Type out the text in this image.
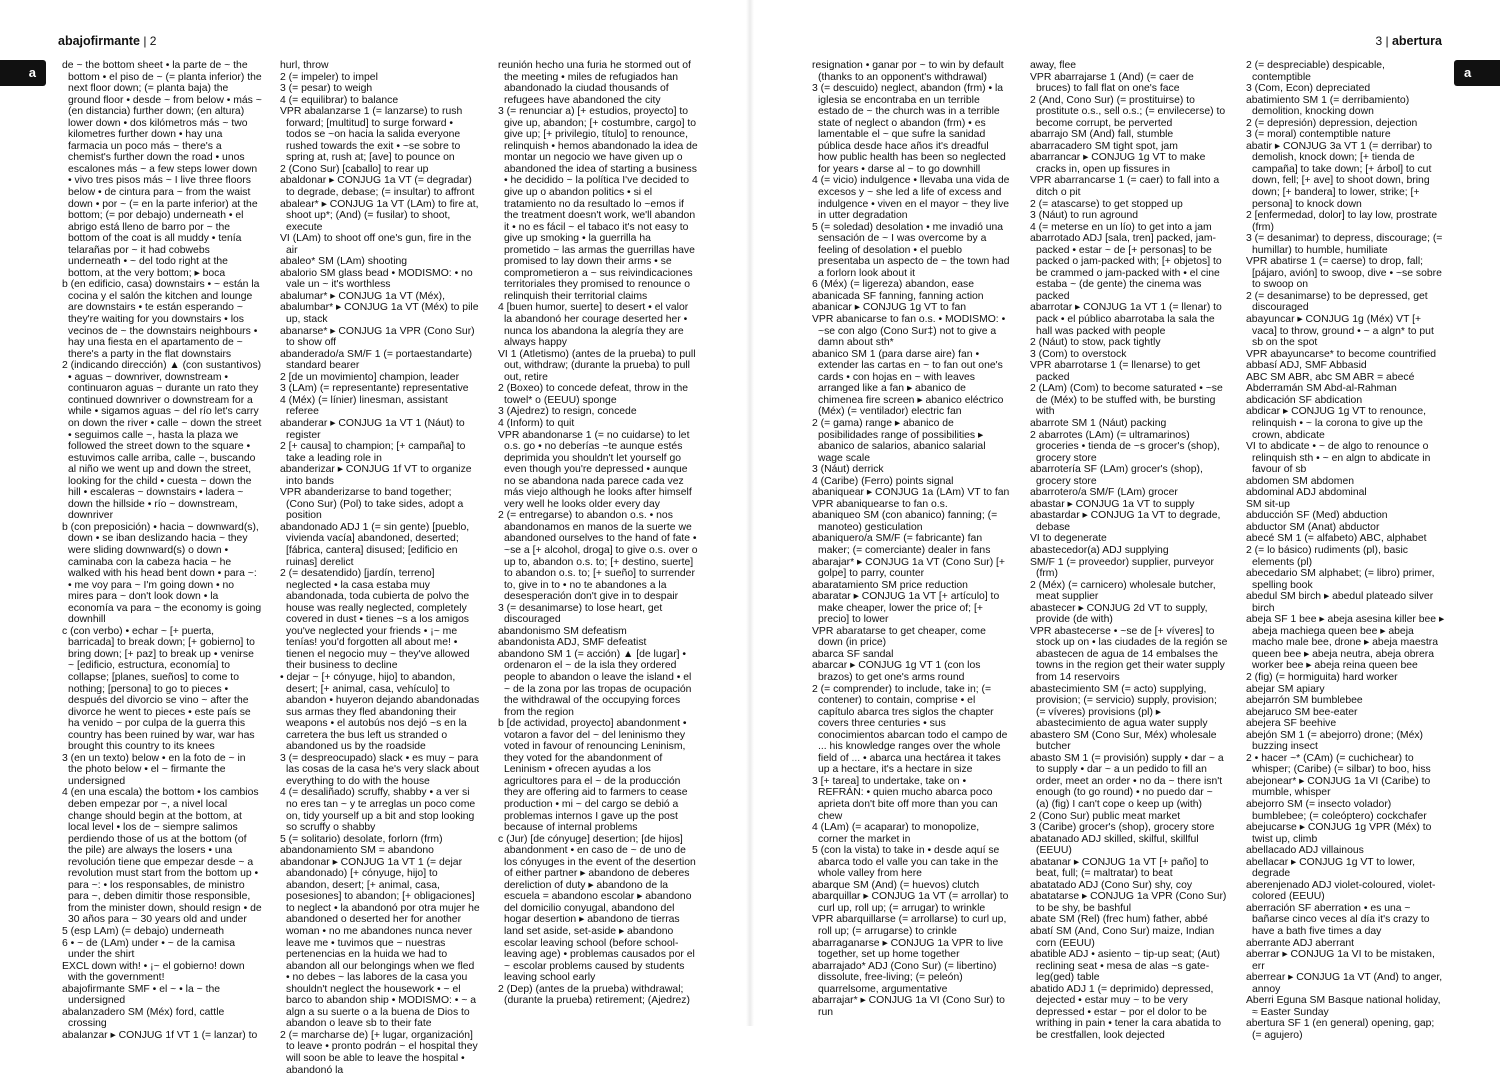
abajofirmante | 2
a	de ~ the bottom sheet • la parte de ~ the bottom • el piso de ~ (= planta inferior) the next floor down; (= planta baja) the ground floor • desde ~ from below • más ~ (en distancia) further down; (en altura) lower down • dos kilómetros más ~ two kilometres further down • hay una farmacia un poco más ~ there's a chemist's further down the road • unos escalones más ~ a few steps lower down • vivo tres pisos más ~ I live three floors below • de cintura para ~ from the waist down • por ~ (= en la parte inferior) at the bottom; (= por debajo) underneath • el abrigo está lleno de barro por ~ the bottom of the coat is all muddy • tenía telarañas por ~ it had cobwebs underneath • ~ del todo right at the bottom, at the very bottom; ▸ boca

b (en edificio, casa) downstairs • ~ están la cocina y el salón the kitchen and lounge are downstairs • te están esperando ~ they're waiting for you downstairs • los vecinos de ~ the downstairs neighbours • hay una fiesta en el apartamento de ~ there's a party in the flat downstairs

2 (indicando dirección) ▲ (con sustantivos) • aguas ~ downriver, downstream • continuaron aguas ~ durante un rato they continued downriver o downstream for a while • sigamos aguas ~ del río let's carry on down the river • calle ~ down the street • seguimos calle ~, hasta la plaza we followed the street down to the square • estuvimos calle arriba, calle ~, buscando al niño we went up and down the street, looking for the child • cuesta ~ down the hill • escaleras ~ downstairs • ladera ~ down the hillside • río ~ downstream, downriver

b (con preposición) • hacia ~ downward(s), down • se iban deslizando hacia ~ they were sliding downward(s) o down • caminaba con la cabeza hacia ~ he walked with his head bent down • para ~: • me voy para ~ I'm going down • no mires para ~ don't look down • la economía va para ~ the economy is going downhill

c (con verbo) • echar ~ [+ puerta, barricada] to break down; [+ gobierno] to bring down; [+ paz] to break up • venirse ~ [edificio, estructura, economía] to collapse; [planes, sueños] to come to nothing; [persona] to go to pieces • después del divorcio se vino ~ after the divorce he went to pieces • este país se ha venido ~ por culpa de la guerra this country has been ruined by war, war has brought this country to its knees

3 (en un texto) below • en la foto de ~ in the photo below • el ~ firmante the undersigned

4 (en una escala) the bottom • los cambios deben empezar por ~, a nivel local change should begin at the bottom, at local level • los de ~ siempre salimos perdiendo those of us at the bottom (of the pile) are always the losers • una revolución tiene que empezar desde ~ a revolution must start from the bottom up • para ~: • los responsables, de ministro para ~, deben dimitir those responsible, from the minister down, should resign • de 30 años para ~ 30 years old and under

5 (esp LAm) (= debajo) underneath

6 • ~ de (LAm) under • ~ de la camisa under the shirt

EXCL down with! • ¡~ el gobierno! down with the government!

abajofirmante SMF • el ~ • la ~ the undersigned

abalanzadero SM (Méx) ford, cattle crossing

abalanzar ▸ CONJUG 1f VT 1 (= lanzar) to

hurl, throw

2 (= impeler) to impel

3 (= pesar) to weigh

4 (= equilibrar) to balance

VPR abalanzarse 1 (= lanzarse) to rush forward; [multitud] to surge forward • todos se ~on hacia la salida everyone rushed towards the exit • ~se sobre to spring at, rush at; [ave] to pounce on

2 (Cono Sur) [caballo] to rear up

abaldonar ▸ CONJUG 1a VT (= degradar) to degrade, debase; (= insultar) to affront

abalear* ▸ CONJUG 1a VT (LAm) to fire at, shoot up*; (And) (= fusilar) to shoot, execute

VI (LAm) to shoot off one's gun, fire in the air

abaleo* SM (LAm) shooting

abalorio SM glass bead • MODISMO: • no vale un ~ it's worthless

abalumar* ▸ CONJUG 1a VT (Méx),

abalumbar* ▸ CONJUG 1a VT (Méx) to pile up, stack

abanarse* ▸ CONJUG 1a VPR (Cono Sur) to show off

abanderado/a SM/F 1 (= portaestandarte) standard bearer

2 [de un movimiento] champion, leader

3 (LAm) (= representante) representative

4 (Méx) (= línier) linesman, assistant referee

abanderar ▸ CONJUG 1a VT 1 (Náut) to register

2 [+ causa] to champion; [+ campaña] to take a leading role in

abanderizar ▸ CONJUG 1f VT to organize into bands

VPR abanderizarse to band together; (Cono Sur) (Pol) to take sides, adopt a position

abandonado ADJ 1 (= sin gente) [pueblo, vivienda vacía] abandoned, deserted; [fábrica, cantera] disused; [edificio en ruinas] derelict

2 (= desatendido) [jardín, terreno] neglected • la casa estaba muy abandonada, toda cubierta de polvo the house was really neglected, completely covered in dust • tienes ~s a los amigos you've neglected your friends • ¡~ me tenías! you'd forgotten all about me! • tienen el negocio muy ~ they've allowed their business to decline

• dejar ~ [+ cónyuge, hijo] to abandon, desert; [+ animal, casa, vehículo] to abandon • huyeron dejando abandonadas sus armas they fled abandoning their weapons • el autobús nos dejó ~s en la carretera the bus left us stranded o abandoned us by the roadside

3 (= despreocupado) slack • es muy ~ para las cosas de la casa he's very slack about everything to do with the house

4 (= desaliñado) scruffy, shabby • a ver si no eres tan ~ y te arreglas un poco come on, tidy yourself up a bit and stop looking so scruffy o shabby

5 (= solitario) desolate, forlorn (frm)

abandonamiento SM = abandono

abandonar ▸ CONJUG 1a VT 1 (= dejar abandonado) [+ cónyuge, hijo] to abandon, desert; [+ animal, casa, posesiones] to abandon; [+ obligaciones] to neglect • la abandonó por otra mujer he abandoned o deserted her for another woman • no me abandones nunca never leave me • tuvimos que ~ nuestras pertenencias en la huida we had to abandon all our belongings when we fled • no debes ~ las labores de la casa you shouldn't neglect the housework • ~ el barco to abandon ship • MODISMO: • ~ a algn a su suerte o a la buena de Dios to abandon o leave sb to their fate

2 (= marcharse de) [+ lugar, organización] to leave • pronto podrán ~ el hospital they will soon be able to leave the hospital • abandonó la

reunión hecho una furia he stormed out of the meeting • miles de refugiados han abandonado la ciudad thousands of refugees have abandoned the city

3 (= renunciar a) [+ estudios, proyecto] to give up, abandon; [+ costumbre, cargo] to give up; [+ privilegio, título] to renounce, relinquish • hemos abandonado la idea de montar un negocio we have given up o abandoned the idea of starting a business • he decidido ~ la política I've decided to give up o abandon politics • si el tratamiento no da resultado lo ~emos if the treatment doesn't work, we'll abandon it • no es fácil ~ el tabaco it's not easy to give up smoking • la guerrilla ha prometido ~ las armas the guerrillas have promised to lay down their arms • se comprometieron a ~ sus reivindicaciones territoriales they promised to renounce o relinquish their territorial claims

4 [buen humor, suerte] to desert • el valor la abandonó her courage deserted her • nunca los abandona la alegría they are always happy

VI 1 (Atletismo) (antes de la prueba) to pull out, withdraw; (durante la prueba) to pull out, retire

2 (Boxeo) to concede defeat, throw in the towel* o (EEUU) sponge

3 (Ajedrez) to resign, concede

4 (Inform) to quit

VPR abandonarse 1 (= no cuidarse) to let o.s. go • no deberías ~te aunque estés deprimida you shouldn't let yourself go even though you're depressed • aunque no se abandona nada parece cada vez más viejo although he looks after himself very well he looks older every day

2 (= entregarse) to abandon o.s. • nos abandonamos en manos de la suerte we abandoned ourselves to the hand of fate • ~se a [+ alcohol, droga] to give o.s. over o up to, abandon o.s. to; [+ destino, suerte] to abandon o.s. to; [+ sueño] to surrender to, give in to • no te abandones a la desesperación don't give in to despair

3 (= desanimarse) to lose heart, get discouraged

abandonismo SM defeatism

abandonista ADJ, SMF defeatist

abandono SM 1 (= acción) ▲ [de lugar] • ordenaron el ~ de la isla they ordered people to abandon o leave the island • el ~ de la zona por las tropas de ocupación the withdrawal of the occupying forces from the region

b [de actividad, proyecto] abandonment • votaron a favor del ~ del leninismo they voted in favour of renouncing Leninism, they voted for the abandonment of Leninism • ofrecen ayudas a los agricultores para el ~ de la producción they are offering aid to farmers to cease production • mi ~ del cargo se debió a problemas internos I gave up the post because of internal problems

c (Jur) [de cónyuge] desertion; [de hijos] abandonment • en caso de ~ de uno de los cónyuges in the event of the desertion of either partner ▸ abandono de deberes dereliction of duty ▸ abandono de la escuela = abandono escolar ▸ abandono del domicilio conyugal, abandono del hogar desertion ▸ abandono de tierras land set aside, set-aside ▸ abandono escolar leaving school (before school-leaving age) • problemas causados por el ~ escolar problems caused by students leaving school early

2 (Dep) (antes de la prueba) withdrawal; (durante la prueba) retirement; (Ajedrez)

3 | abertura
a

resignation • ganar por ~ to win by default (thanks to an opponent's withdrawal)

3 (= descuido) neglect, abandon (frm) • la iglesia se encontraba en un terrible estado de ~ the church was in a terrible state of neglect o abandon (frm) • es lamentable el ~ que sufre la sanidad pública desde hace años it's dreadful how public health has been so neglected for years • darse al ~ to go downhill

4 (= vicio) indulgence • llevaba una vida de excesos y ~ she led a life of excess and indulgence • viven en el mayor ~ they live in utter degradation

5 (= soledad) desolation • me invadió una sensación de ~ I was overcome by a feeling of desolation • el pueblo presentaba un aspecto de ~ the town had a forlorn look about it

6 (Méx) (= ligereza) abandon, ease

abanicada SF fanning, fanning action

abanicar ▸ CONJUG 1g VT to fan

VPR abanicarse to fan o.s. • MODISMO: • ~se con algo (Cono Sur‡) not to give a damn about sth*

abanico SM 1 (para darse aire) fan • extender las cartas en ~ to fan out one's cards • con hojas en ~ with leaves arranged like a fan ▸ abanico de chimenea fire screen ▸ abanico eléctrico (Méx) (= ventilador) electric fan

2 (= gama) range ▸ abanico de posibilidades range of possibilities ▸ abanico de salarios, abanico salarial wage scale

3 (Náut) derrick

4 (Caribe) (Ferro) points signal

abaniquear ▸ CONJUG 1a (LAm) VT to fan

VPR abaniquearse to fan o.s.

abaniqueo SM (con abanico) fanning; (= manoteo) gesticulation

abaniquero/a SM/F (= fabricante) fan maker; (= comerciante) dealer in fans

abarajar* ▸ CONJUG 1a VT (Cono Sur) [+ golpe] to parry, counter

abaratamiento SM price reduction

abaratar ▸ CONJUG 1a VT [+ artículo] to make cheaper, lower the price of; [+ precio] to lower

VPR abaratarse to get cheaper, come down (in price)

abarca SF sandal

abarcar ▸ CONJUG 1g VT 1 (con los brazos) to get one's arms round

2 (= comprender) to include, take in; (= contener) to contain, comprise • el capítulo abarca tres siglos the chapter covers three centuries • sus conocimientos abarcan todo el campo de ... his knowledge ranges over the whole field of ... • abarca una hectárea it takes up a hectare, it's a hectare in size

3 [+ tarea] to undertake, take on • REFRÁN: • quien mucho abarca poco aprieta don't bite off more than you can chew

4 (LAm) (= acaparar) to monopolize, corner the market in

5 (con la vista) to take in • desde aquí se abarca todo el valle you can take in the whole valley from here

abarque SM (And) (= huevos) clutch

abarquillar ▸ CONJUG 1a VT (= arrollar) to curl up, roll up; (= arrugar) to wrinkle

VPR abarquillarse (= arrollarse) to curl up, roll up; (= arrugarse) to crinkle

abarraganarse ▸ CONJUG 1a VPR to live together, set up home together

abarrajado* ADJ (Cono Sur) (= libertino) dissolute, free-living; (= pelеón) quarrelsome, argumentative

abarrajar* ▸ CONJUG 1a VI (Cono Sur) to run

away, flee

VPR abarrajarse 1 (And) (= caer de bruces) to fall flat on one's face

2 (And, Cono Sur) (= prostituirse) to prostitute o.s., sell o.s.; (= envilecerse) to become corrupt, be perverted

abarrajo SM (And) fall, stumble

abarracadero SM tight spot, jam

abarrancar ▸ CONJUG 1g VT to make cracks in, open up fissures in

VPR abarrancarse 1 (= caer) to fall into a ditch o pit

2 (= atascarse) to get stopped up

3 (Náut) to run aground

4 (= meterse en un lío) to get into a jam

abarrotado ADJ [sala, tren] packed, jam-packed • estar ~ de [+ personas] to be packed o jam-packed with; [+ objetos] to be crammed o jam-packed with • el cine estaba ~ (de gente) the cinema was packed

abarrotar ▸ CONJUG 1a VT 1 (= llenar) to pack • el público abarrotaba la sala the hall was packed with people

2 (Náut) to stow, pack tightly

3 (Com) to overstock

VPR abarrotarse 1 (= llenarse) to get packed

2 (LAm) (Com) to become saturated • ~se de (Méx) to be stuffed with, be bursting with

abarrote SM 1 (Náut) packing

2 abarrotes (LAm) (= ultramarinos) groceries • tienda de ~s grocer's (shop), grocery store

abarrotería SF (LAm) grocer's (shop), grocery store

abarrotero/a SM/F (LAm) grocer

abastar ▸ CONJUG 1a VT to supply

abastardar ▸ CONJUG 1a VT to degrade, debase

VI to degenerate

abastecedor(a) ADJ supplying

SM/F 1 (= proveedor) supplier, purveyor (frm)

2 (Méx) (= carnicero) wholesale butcher, meat supplier

abastecer ▸ CONJUG 2d VT to supply, provide (de with)

VPR abastecerse • ~se de [+ víveres] to stock up on • las ciudades de la región se abastecen de agua de 14 embalses the towns in the region get their water supply from 14 reservoirs

abastecimiento SM (= acto) supplying, provision; (= servicio) supply, provision; (= víveres) provisions (pl) ▸ abastecimiento de agua water supply

abastero SM (Cono Sur, Méx) wholesale butcher

abasto SM 1 (= provisión) supply • dar ~ a to supply • dar ~ a un pedido to fill an order, meet an order • no da ~ there isn't enough (to go round) • no puedo dar ~ (a) (fig) I can't cope o keep up (with)

2 (Cono Sur) public meat market

3 (Caribe) grocer's (shop), grocery store

abatanado ADJ skilled, skilful, skillful (EEUU)

abatanar ▸ CONJUG 1a VT [+ paño] to beat, full; (= maltratar) to beat

abatatado ADJ (Cono Sur) shy, coy

abatatarse ▸ CONJUG 1a VPR (Cono Sur) to be shy, be bashful

abate SM (Rel) (frec hum) father, abbé

abatí SM (And, Cono Sur) maize, Indian corn (EEUU)

abatible ADJ • asiento ~ tip-up seat; (Aut) reclining seat • mesa de alas ~s gate-leg(ged) table

abatido ADJ 1 (= deprimido) depressed, dejected • estar muy ~ to be very depressed • estar ~ por el dolor to be writhing in pain • tener la cara abatida to be crestfallen, look dejected

2 (= despreciable) despicable, contemptible

3 (Com, Econ) depreciated

abatimiento SM 1 (= derribamiento) demolition, knocking down

2 (= depresión) depression, dejection

3 (= moral) contemptible nature

abatir ▸ CONJUG 3a VT 1 (= derribar) to demolish, knock down; [+ tienda de campaña] to take down; [+ árbol] to cut down, fell; [+ ave] to shoot down, bring down; [+ bandera] to lower, strike; [+ persona] to knock down

2 [enfermedad, dolor] to lay low, prostrate (frm)

3 (= desanimar) to depress, discourage; (= humillar) to humble, humiliate

VPR abatirse 1 (= caerse) to drop, fall; [pájaro, avión] to swoop, dive • ~se sobre to swoop on

2 (= desanimarse) to be depressed, get discouraged

abayuncar ▸ CONJUG 1g (Méx) VT [+ vaca] to throw, ground • ~ a algn* to put sb on the spot

VPR abayuncarse* to become countrified

abbasí ADJ, SMF Abbasid

ABC SM ABR, abc SM ABR = abecé

Abderramán SM Abd-al-Rahman

abdicación SF abdication

abdicar ▸ CONJUG 1g VT to renounce, relinquish • ~ la corona to give up the crown, abdicate

VI to abdicate • ~ de algo to renounce o relinquish sth • ~ en algn to abdicate in favour of sb

abdomen SM abdomen

abdominal ADJ abdominal

SM sit-up

abducción SF (Med) abduction

abductor SM (Anat) abductor

abecé SM 1 (= alfabeto) ABC, alphabet

2 (= lo básico) rudiments (pl), basic elements (pl)

abecedario SM alphabet; (= libro) primer, spelling book

abedul SM birch ▸ abedul plateado silver birch

abeja SF 1 bee ▸ abeja asesina killer bee ▸ abeja machiega queen bee ▸ abeja macho male bee, drone ▸ abeja maestra queen bee ▸ abeja neutra, abeja obrera worker bee ▸ abeja reina queen bee

2 (fig) (= hormiguita) hard worker

abejar SM apiary

abejarrón SM bumblebee

abejaruco SM bee-eater

abejera SF beehive

abejón SM 1 (= abejorro) drone; (Méx) buzzing insect

2 • hacer ~* (CAm) (= cuchichear) to whisper; (Caribe) (= silbar) to boo, hiss

abejonear* ▸ CONJUG 1a VI (Caribe) to mumble, whisper

abejorro SM (= insecto volador) bumblebee; (= coleóptero) cockchafer

abejucarse ▸ CONJUG 1g VPR (Méx) to twist up, climb

abellacado ADJ villainous

abellacar ▸ CONJUG 1g VT to lower, degrade

aberenjenado ADJ violet-coloured, violet-colored (EEUU)

aberración SF aberration • es una ~ bañarse cinco veces al día it's crazy to have a bath five times a day

aberrante ADJ aberrant

aberrar ▸ CONJUG 1a VI to be mistaken, err

aberrear ▸ CONJUG 1a VT (And) to anger, annoy

Aberri Eguna SM Basque national holiday, ≈ Easter Sunday

abertura SF 1 (en general) opening, gap; (= agujero)
